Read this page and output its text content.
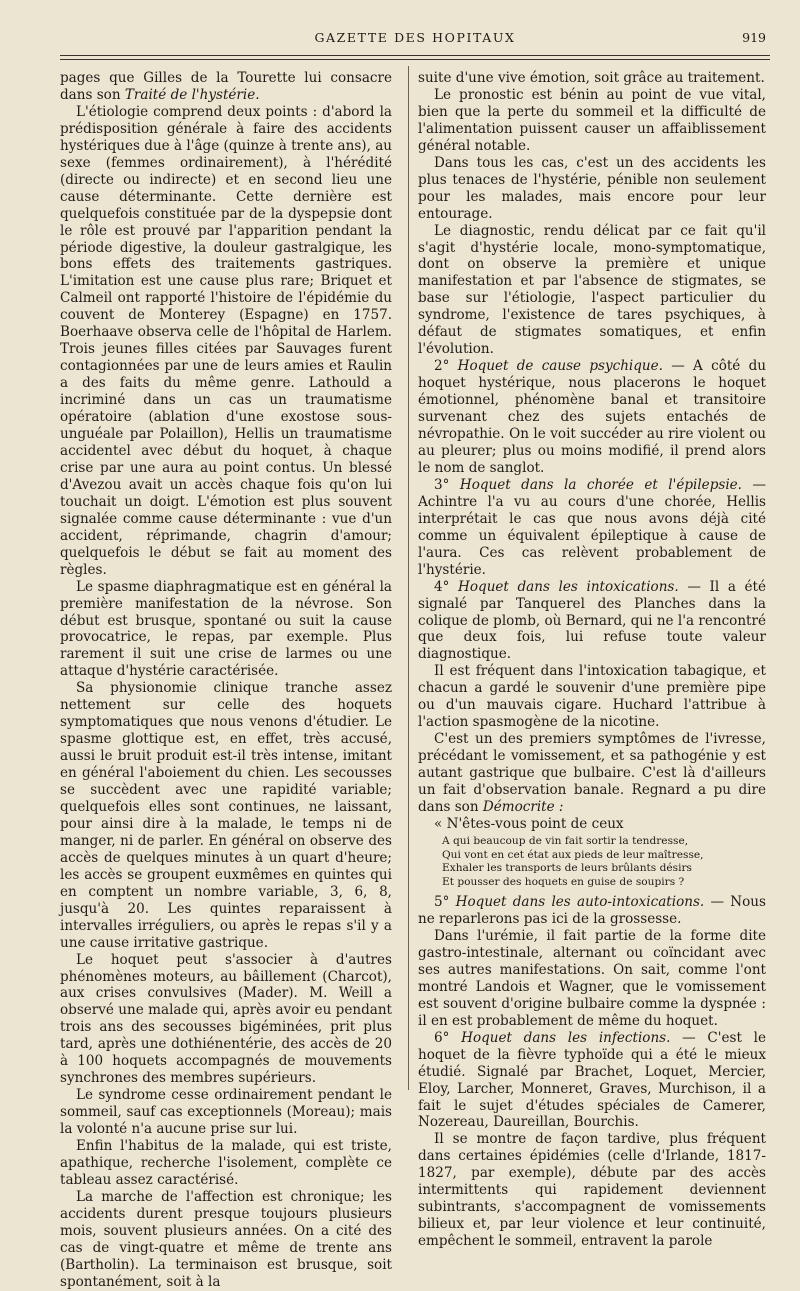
GAZETTE DES HOPITAUX	919

pages que Gilles de la Tourette lui consacre dans son Traité de l'hystérie.

L'étiologie comprend deux points : d'abord la prédisposition générale à faire des accidents hystériques due à l'âge (quinze à trente ans), au sexe (femmes ordinairement), à l'hérédité (directe ou indirecte) et en second lieu une cause déterminante. Cette dernière est quelquefois constituée par de la dyspepsie dont le rôle est prouvé par l'apparition pendant la période digestive, la douleur gastralgique, les bons effets des traitements gastriques. L'imitation est une cause plus rare; Briquet et Calmeil ont rapporté l'histoire de l'épidémie du couvent de Monterey (Espagne) en 1757. Boerhaave observa celle de l'hôpital de Harlem. Trois jeunes filles citées par Sauvages furent contagionnées par une de leurs amies et Raulin a des faits du même genre. Lathould a incriminé dans un cas un traumatisme opératoire (ablation d'une exostose sous-unguéale par Polaillon), Hellis un traumatisme accidentel avec début du hoquet, à chaque crise par une aura au point contus. Un blessé d'Avezou avait un accès chaque fois qu'on lui touchait un doigt. L'émotion est plus souvent signalée comme cause déterminante : vue d'un accident, réprimande, chagrin d'amour; quelquefois le début se fait au moment des règles.

Le spasme diaphragmatique est en général la première manifestation de la névrose. Son début est brusque, spontané ou suit la cause provocatrice, le repas, par exemple. Plus rarement il suit une crise de larmes ou une attaque d'hystérie caractérisée.

Sa physionomie clinique tranche assez nettement sur celle des hoquets symptomatiques que nous venons d'étudier. Le spasme glottique est, en effet, très accusé, aussi le bruit produit est-il très intense, imitant en général l'aboiement du chien. Les secousses se succèdent avec une rapidité variable; quelquefois elles sont continues, ne laissant, pour ainsi dire à la malade, le temps ni de manger, ni de parler. En général on observe des accès de quelques minutes à un quart d'heure; les accès se groupent euxmêmes en quintes qui en comptent un nombre variable, 3, 6, 8, jusqu'à 20. Les quintes reparaissent à intervalles irréguliers, ou après le repas s'il y a une cause irritative gastrique.

Le hoquet peut s'associer à d'autres phénomènes moteurs, au bâillement (Charcot), aux crises convulsives (Mader). M. Weill a observé une malade qui, après avoir eu pendant trois ans des secousses bigéminées, prit plus tard, après une dothiénentérie, des accès de 20 à 100 hoquets accompagnés de mouvements synchrones des membres supérieurs.

Le syndrome cesse ordinairement pendant le sommeil, sauf cas exceptionnels (Moreau); mais la volonté n'a aucune prise sur lui.

Enfin l'habitus de la malade, qui est triste, apathique, recherche l'isolement, complète ce tableau assez caractérisé.

La marche de l'affection est chronique; les accidents durent presque toujours plusieurs mois, souvent plusieurs années. On a cité des cas de vingt-quatre et même de trente ans (Bartholin). La terminaison est brusque, soit spontanément, soit à la

suite d'une vive émotion, soit grâce au traitement.

Le pronostic est bénin au point de vue vital, bien que la perte du sommeil et la difficulté de l'alimentation puissent causer un affaiblissement général notable.

Dans tous les cas, c'est un des accidents les plus tenaces de l'hystérie, pénible non seulement pour les malades, mais encore pour leur entourage.

Le diagnostic, rendu délicat par ce fait qu'il s'agit d'hystérie locale, mono-symptomatique, dont on observe la première et unique manifestation et par l'absence de stigmates, se base sur l'étiologie, l'aspect particulier du syndrome, l'existence de tares psychiques, à défaut de stigmates somatiques, et enfin l'évolution.

2° Hoquet de cause psychique. — A côté du hoquet hystérique, nous placerons le hoquet émotionnel, phénomène banal et transitoire survenant chez des sujets entachés de névropathie. On le voit succéder au rire violent ou au pleurer; plus ou moins modifié, il prend alors le nom de sanglot.

3° Hoquet dans la chorée et l'épilepsie. — Achintre l'a vu au cours d'une chorée, Hellis interprétait le cas que nous avons déjà cité comme un équivalent épileptique à cause de l'aura. Ces cas relèvent probablement de l'hystérie.

4° Hoquet dans les intoxications. — Il a été signalé par Tanquerel des Planches dans la colique de plomb, où Bernard, qui ne l'a rencontré que deux fois, lui refuse toute valeur diagnostique.

Il est fréquent dans l'intoxication tabagique, et chacun a gardé le souvenir d'une première pipe ou d'un mauvais cigare. Huchard l'attribue à l'action spasmogène de la nicotine.

C'est un des premiers symptômes de l'ivresse, précédant le vomissement, et sa pathogénie y est autant gastrique que bulbaire. C'est là d'ailleurs un fait d'observation banale. Regnard a pu dire dans son Démocrite :

« N'êtes-vous point de ceux

A qui beaucoup de vin fait sortir la tendresse,
Qui vont en cet état aux pieds de leur maîtresse,
Exhaler les transports de leurs brûlants désirs
Et pousser des hoquets en guise de soupirs ?

5° Hoquet dans les auto-intoxications. — Nous ne reparlerons pas ici de la grossesse.

Dans l'urémie, il fait partie de la forme dite gastro-intestinale, alternant ou coïncidant avec ses autres manifestations. On sait, comme l'ont montré Landois et Wagner, que le vomissement est souvent d'origine bulbaire comme la dyspnée : il en est probablement de même du hoquet.

6° Hoquet dans les infections. — C'est le hoquet de la fièvre typhoïde qui a été le mieux étudié. Signalé par Brachet, Loquet, Mercier, Eloy, Larcher, Monneret, Graves, Murchison, il a fait le sujet d'études spéciales de Camerer, Nozereau, Daureillan, Bourchis.

Il se montre de façon tardive, plus fréquent dans certaines épidémies (celle d'Irlande, 1817-1827, par exemple), débute par des accès intermittents qui rapidement deviennent subintrants, s'accompagnent de vomissements bilieux et, par leur violence et leur continuité, empêchent le sommeil, entravent la parole
